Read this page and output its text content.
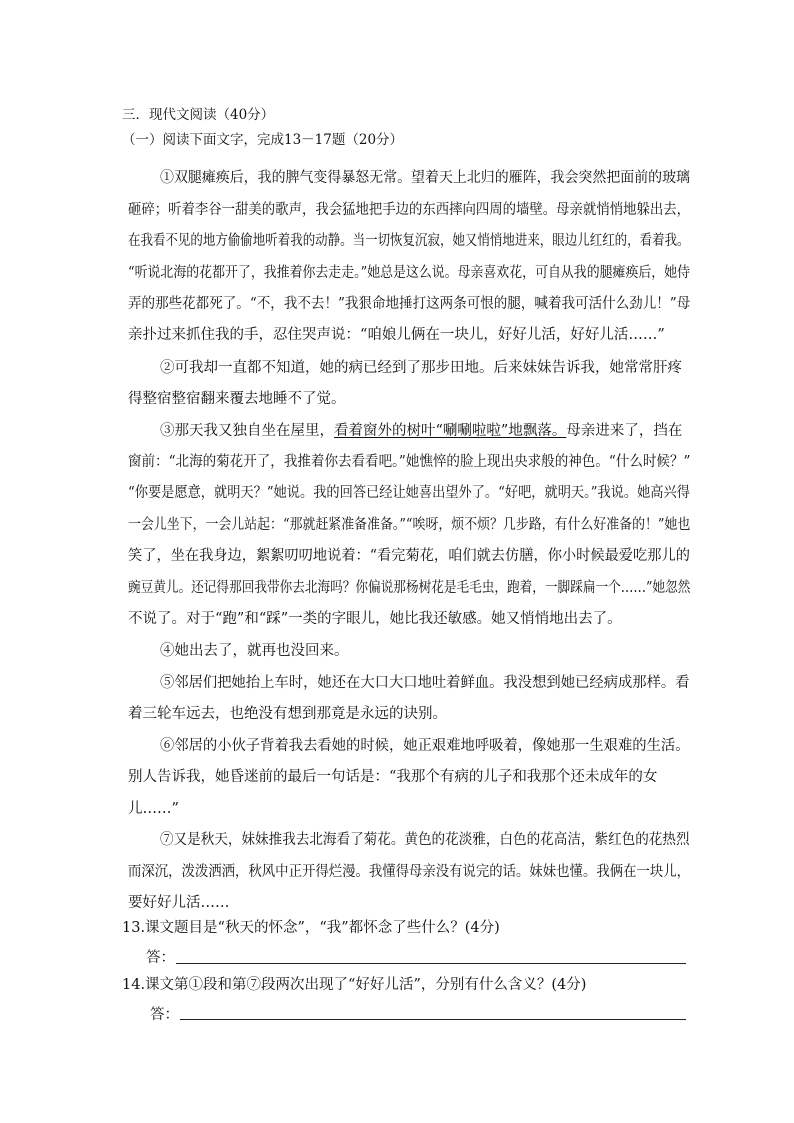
三．现代文阅读（40分）
（一）阅读下面文字，完成13－17题（20分）
①双腿瘫痪后，我的脾气变得暴怒无常。望着天上北归的雁阵，我会突然把面前的玻璃
砸碎；听着李谷一甜美的歌声，我会猛地把手边的东西摔向四周的墙壁。母亲就悄悄地躲出去，
在我看不见的地方偷偷地听着我的动静。当一切恢复沉寂，她又悄悄地进来，眼边儿红红的，看着我。
“听说北海的花都开了，我推着你去走走。”她总是这么说。母亲喜欢花，可自从我的腿瘫痪后，她侍
弄的那些花都死了。“不，我不去！”我狠命地捶打这两条可恨的腿，喊着我可活什么劲儿！”母
亲扑过来抓住我的手，忍住哭声说：“咱娘儿俩在一块儿，好好儿活，好好儿活……”
②可我却一直都不知道，她的病已经到了那步田地。后来妹妹告诉我，她常常肝疼
得整宿整宿翻来覆去地睡不了觉。
③那天我又独自坐在屋里，看着窗外的树叶“唰唰啦啦”地飘落。母亲进来了，挡在
窗前：“北海的菊花开了，我推着你去看看吧。”她憔悴的脸上现出央求般的神色。“什么时候？”
“你要是愿意，就明天？”她说。我的回答已经让她喜出望外了。“好吧，就明天。”我说。她高兴得
一会儿坐下，一会儿站起：“那就赶紧准备准备。”“唉呀，烦不烦？几步路，有什么好准备的！”她也
笑了，坐在我身边，絮絮叨叨地说着：“看完菊花，咱们就去仿膳，你小时候最爱吃那儿的
豌豆黄儿。还记得那回我带你去北海吗？你偏说那杨树花是毛毛虫，跑着，一脚踩扁一个……”她忽然
不说了。对于“跑”和“踩”一类的字眼儿，她比我还敏感。她又悄悄地出去了。
④她出去了，就再也没回来。
⑤邻居们把她抬上车时，她还在大口大口地吐着鲜血。我没想到她已经病成那样。看
着三轮车远去，也绝没有想到那竟是永远的诀别。
⑥邻居的小伙子背着我去看她的时候，她正艰难地呼吸着，像她那一生艰难的生活。
别人告诉我，她昏迷前的最后一句话是：“我那个有病的儿子和我那个还未成年的女
儿……”
⑦又是秋天，妹妹推我去北海看了菊花。黄色的花淡雅，白色的花高洁，紫红色的花热烈
而深沉，泼泼洒洒，秋风中正开得烂漫。我懂得母亲没有说完的话。妹妹也懂。我俩在一块儿，
要好好儿活……
13.课文题目是“秋天的怀念”，“我”都怀念了些什么？(4分)
答：
14.课文第①段和第⑦段两次出现了“好好儿活”，分别有什么含义？(4分)
答：
